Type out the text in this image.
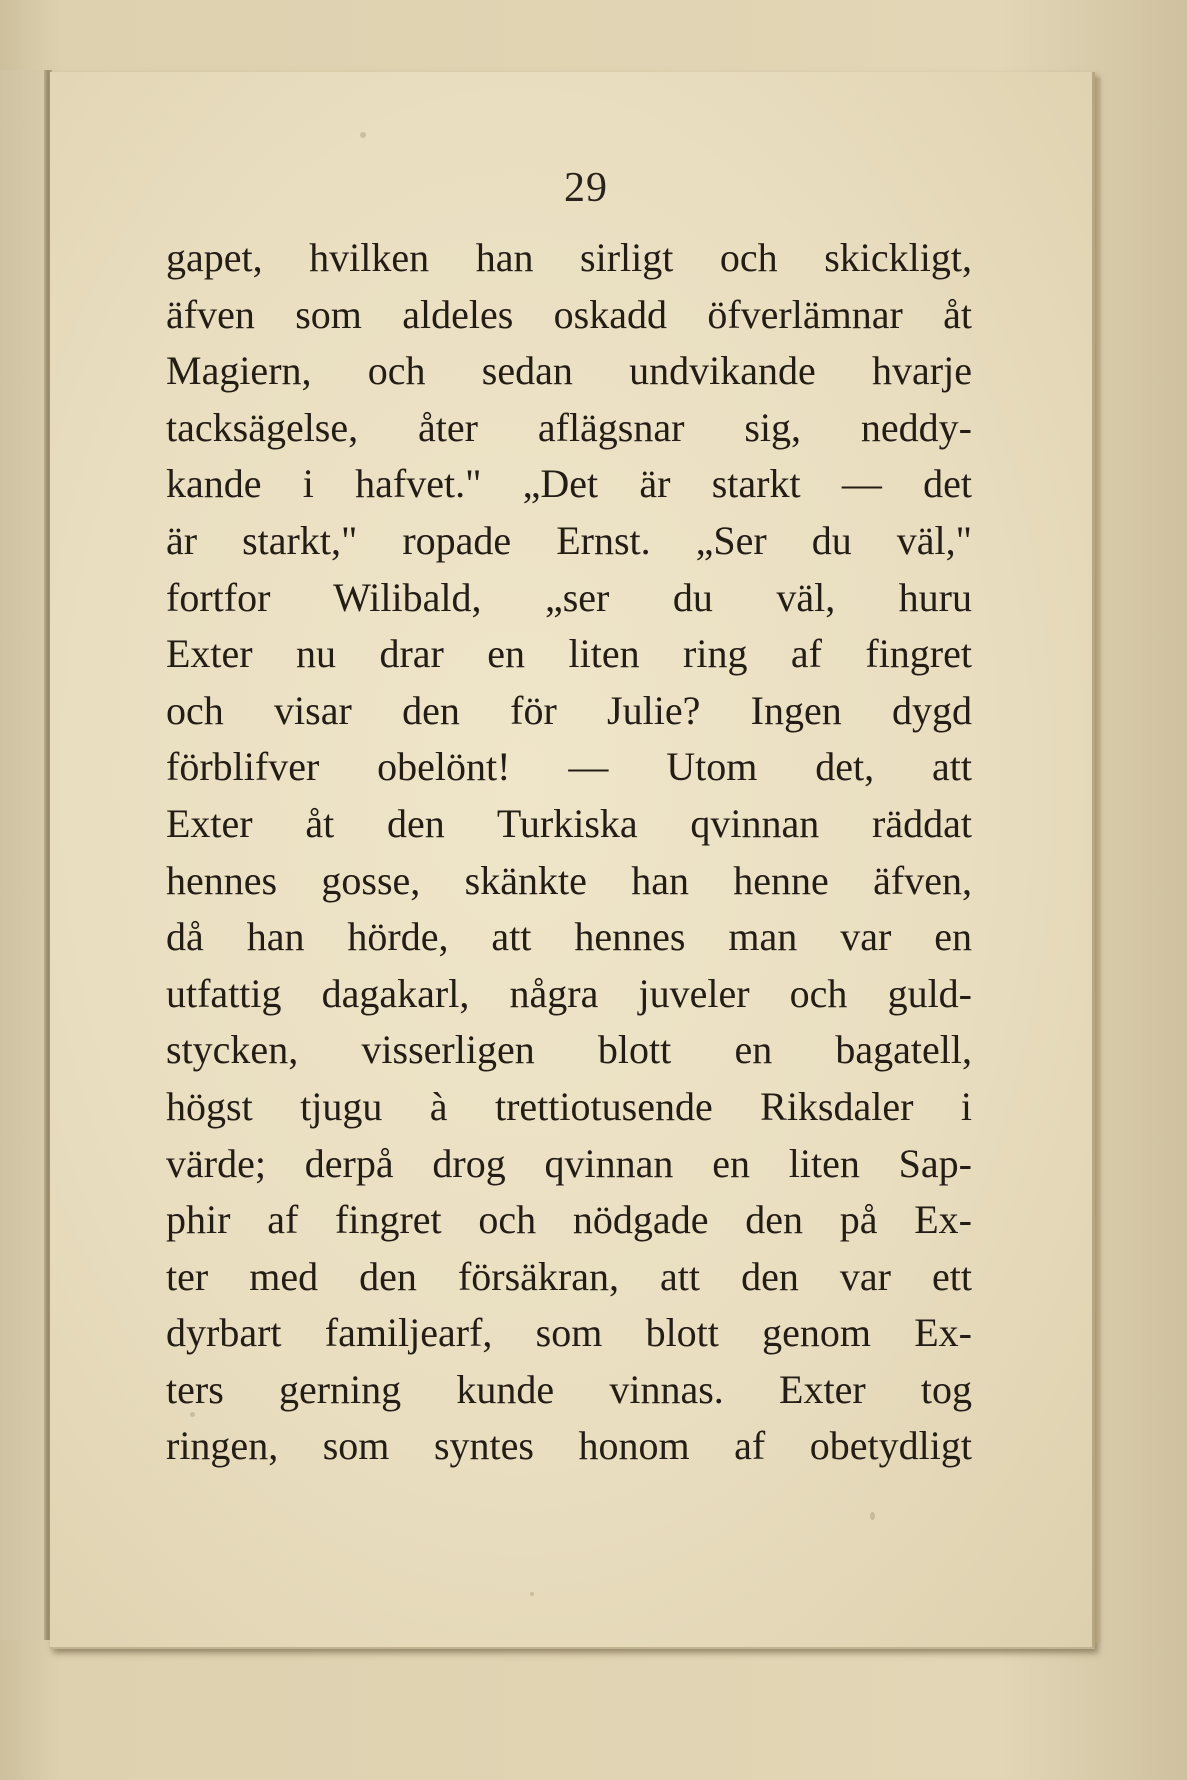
29
gapet, hvilken han sirligt och skickligt,
äfven som aldeles oskadd öfverlämnar åt
Magiern, och sedan undvikande hvarje
tacksägelse, åter aflägsnar sig, neddy-
kande i hafvet." „Det är starkt — det
är starkt," ropade Ernst. „Ser du väl,"
fortfor Wilibald, „ser du väl, huru
Exter nu drar en liten ring af fingret
och visar den för Julie? Ingen dygd
förblifver obelönt! — Utom det, att
Exter åt den Turkiska qvinnan räddat
hennes gosse, skänkte han henne äfven,
då han hörde, att hennes man var en
utfattig dagakarl, några juveler och guld-
stycken, visserligen blott en bagatell,
högst tjugu à trettiotusende Riksdaler i
värde; derpå drog qvinnan en liten Sap-
phir af fingret och nödgade den på Ex-
ter med den försäkran, att den var ett
dyrbart familjearf, som blott genom Ex-
ters gerning kunde vinnas. Exter tog
ringen, som syntes honom af obetydligt
